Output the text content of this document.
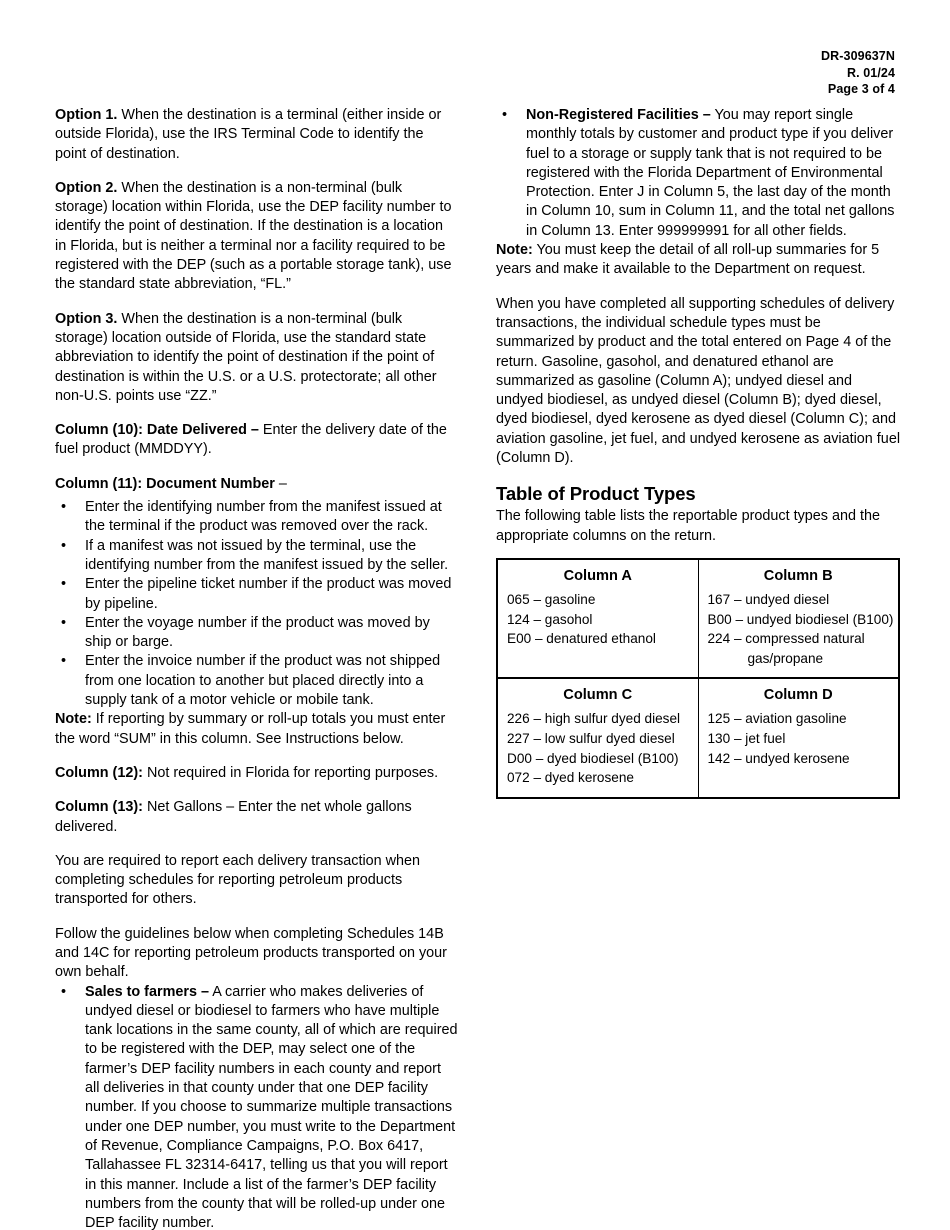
DR-309637N
R. 01/24
Page 3 of 4

Option 1. When the destination is a terminal (either inside or outside Florida), use the IRS Terminal Code to identify the point of destination.

Option 2. When the destination is a non-terminal (bulk storage) location within Florida, use the DEP facility number to identify the point of destination. If the destination is a location in Florida, but is neither a terminal nor a facility required to be registered with the DEP (such as a portable storage tank), use the standard state abbreviation, “FL.”

Option 3. When the destination is a non-terminal (bulk storage) location outside of Florida, use the standard state abbreviation to identify the point of destination if the point of destination is within the U.S. or a U.S. protectorate; all other non-U.S. points use “ZZ.”

Column (10): Date Delivered – Enter the delivery date of the fuel product (MMDDYY).

Column (11): Document Number –

• Enter the identifying number from the manifest issued at the terminal if the product was removed over the rack.
• If a manifest was not issued by the terminal, use the identifying number from the manifest issued by the seller.
• Enter the pipeline ticket number if the product was moved by pipeline.
• Enter the voyage number if the product was moved by ship or barge.
• Enter the invoice number if the product was not shipped from one location to another but placed directly into a supply tank of a motor vehicle or mobile tank.

Note: If reporting by summary or roll-up totals you must enter the word “SUM” in this column. See Instructions below.

Column (12): Not required in Florida for reporting purposes.

Column (13): Net Gallons – Enter the net whole gallons delivered.

You are required to report each delivery transaction when completing schedules for reporting petroleum products transported for others.

Follow the guidelines below when completing Schedules 14B and 14C for reporting petroleum products transported on your own behalf.

• Sales to farmers – A carrier who makes deliveries of undyed diesel or biodiesel to farmers who have multiple tank locations in the same county, all of which are required to be registered with the DEP, may select one of the farmer’s DEP facility numbers in each county and report all deliveries in that county under that one DEP facility number. If you choose to summarize multiple transactions under one DEP number, you must write to the Department of Revenue, Compliance Campaigns, P.O. Box 6417, Tallahassee FL 32314-6417, telling us that you will report in this manner. Include a list of the farmer’s DEP facility numbers from the county that will be rolled-up under one DEP facility number.
• Non-Registered Facilities – You may report single monthly totals by customer and product type if you deliver fuel to a storage or supply tank that is not required to be registered with the Florida Department of Environmental Protection. Enter J in Column 5, the last day of the month in Column 10, sum in Column 11, and the total net gallons in Column 13. Enter 999999991 for all other fields.

Note: You must keep the detail of all roll-up summaries for 5 years and make it available to the Department on request.

When you have completed all supporting schedules of delivery transactions, the individual schedule types must be summarized by product and the total entered on Page 4 of the return. Gasoline, gasohol, and denatured ethanol are summarized as gasoline (Column A); undyed diesel and undyed biodiesel, as undyed diesel (Column B); dyed diesel, dyed biodiesel, dyed kerosene as dyed diesel (Column C); and aviation gasoline, jet fuel, and undyed kerosene as aviation fuel (Column D).

Table of Product Types

The following table lists the reportable product types and the appropriate columns on the return.

Column A
065 – gasoline
124 – gasohol
E00 – denatured ethanol

Column B
167 – undyed diesel
B00 – undyed biodiesel (B100)
224 – compressed natural
gas/propane

Column C
226 – high sulfur dyed diesel
227 – low sulfur dyed diesel
D00 – dyed biodiesel (B100)
072 – dyed kerosene

Column D
125 – aviation gasoline
130 – jet fuel
142 – undyed kerosene
